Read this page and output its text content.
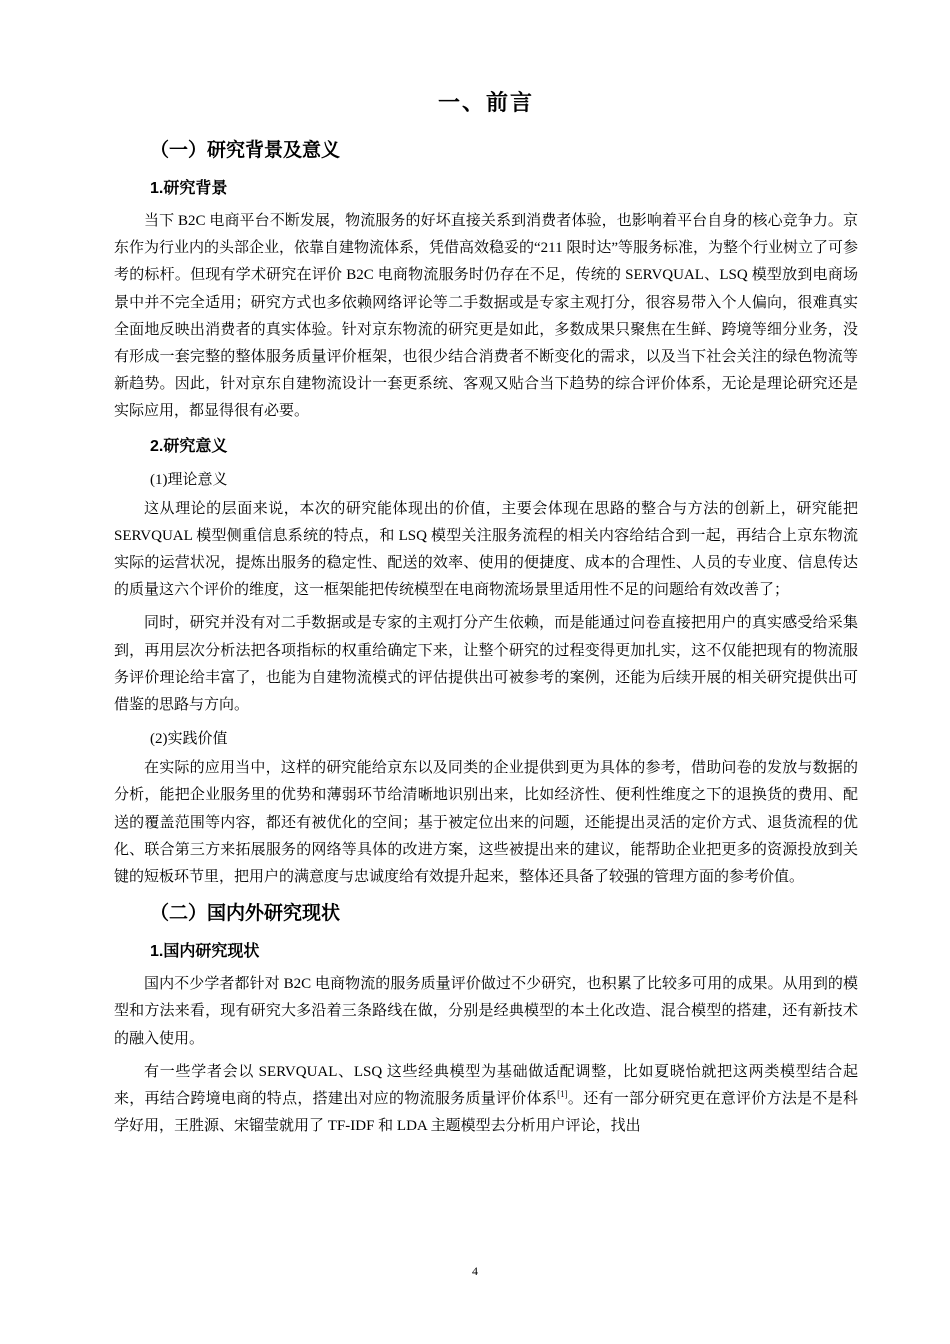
一、前言
（一）研究背景及意义
1.研究背景

当下 B2C 电商平台不断发展，物流服务的好坏直接关系到消费者体验，也影响着平台自身的核心竞争力。京东作为行业内的头部企业，依靠自建物流体系，凭借高效稳妥的“211 限时达”等服务标准，为整个行业树立了可参考的标杆。但现有学术研究在评价 B2C 电商物流服务时仍存在不足，传统的 SERVQUAL、LSQ 模型放到电商场景中并不完全适用；研究方式也多依赖网络评论等二手数据或是专家主观打分，很容易带入个人偏向，很难真实全面地反映出消费者的真实体验。针对京东物流的研究更是如此，多数成果只聚焦在生鲜、跨境等细分业务，没有形成一套完整的整体服务质量评价框架，也很少结合消费者不断变化的需求，以及当下社会关注的绿色物流等新趋势。因此，针对京东自建物流设计一套更系统、客观又贴合当下趋势的综合评价体系，无论是理论研究还是实际应用，都显得很有必要。

2.研究意义
(1)理论意义

这从理论的层面来说，本次的研究能体现出的价值，主要会体现在思路的整合与方法的创新上，研究能把 SERVQUAL 模型侧重信息系统的特点，和 LSQ 模型关注服务流程的相关内容给结合到一起，再结合上京东物流实际的运营状况，提炼出服务的稳定性、配送的效率、使用的便捷度、成本的合理性、人员的专业度、信息传达的质量这六个评价的维度，这一框架能把传统模型在电商物流场景里适用性不足的问题给有效改善了；

同时，研究并没有对二手数据或是专家的主观打分产生依赖，而是能通过问卷直接把用户的真实感受给采集到，再用层次分析法把各项指标的权重给确定下来，让整个研究的过程变得更加扎实，这不仅能把现有的物流服务评价理论给丰富了，也能为自建物流模式的评估提供出可被参考的案例，还能为后续开展的相关研究提供出可借鉴的思路与方向。

(2)实践价值

在实际的应用当中，这样的研究能给京东以及同类的企业提供到更为具体的参考，借助问卷的发放与数据的分析，能把企业服务里的优势和薄弱环节给清晰地识别出来，比如经济性、便利性维度之下的退换货的费用、配送的覆盖范围等内容，都还有被优化的空间；基于被定位出来的问题，还能提出灵活的定价方式、退货流程的优化、联合第三方来拓展服务的网络等具体的改进方案，这些被提出来的建议，能帮助企业把更多的资源投放到关键的短板环节里，把用户的满意度与忠诚度给有效提升起来，整体还具备了较强的管理方面的参考价值。

（二）国内外研究现状
1.国内研究现状

国内不少学者都针对 B2C 电商物流的服务质量评价做过不少研究，也积累了比较多可用的成果。从用到的模型和方法来看，现有研究大多沿着三条路线在做，分别是经典模型的本土化改造、混合模型的搭建，还有新技术的融入使用。

有一些学者会以 SERVQUAL、LSQ 这些经典模型为基础做适配调整，比如夏晓怡就把这两类模型结合起来，再结合跨境电商的特点，搭建出对应的物流服务质量评价体系[1]。还有一部分研究更在意评价方法是不是科学好用，王胜源、宋镏莹就用了 TF-IDF 和 LDA 主题模型去分析用户评论，找出

4
